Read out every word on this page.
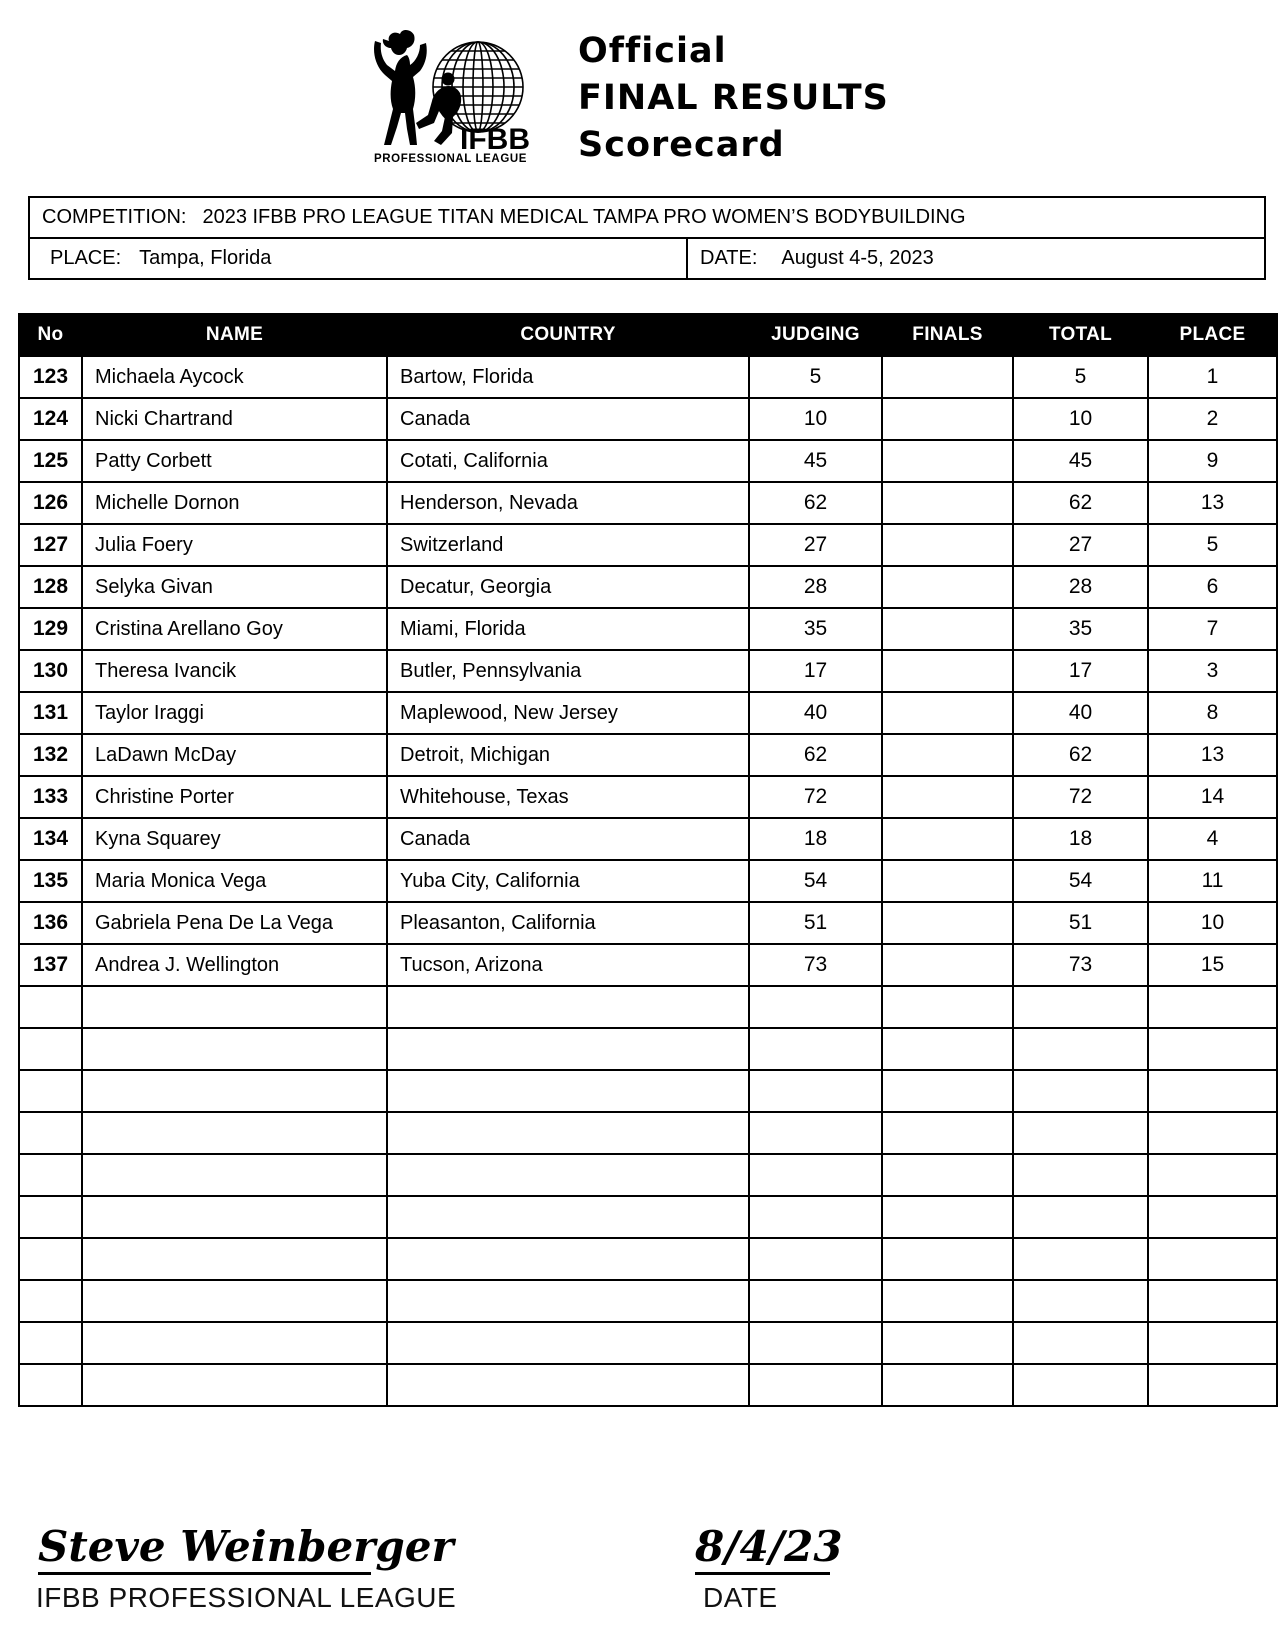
IFBB
PROFESSIONAL LEAGUE
Official
FINAL RESULTS
Scorecard
COMPETITION: 2023 IFBB PRO LEAGUE TITAN MEDICAL TAMPA PRO WOMEN’S BODYBUILDING
PLACE: Tampa, Florida	DATE: August 4-5, 2023
No	NAME	COUNTRY	JUDGING	FINALS	TOTAL	PLACE
123	Michaela Aycock	Bartow, Florida	5		5	1
124	Nicki Chartrand	Canada	10		10	2
125	Patty Corbett	Cotati, California	45		45	9
126	Michelle Dornon	Henderson, Nevada	62		62	13
127	Julia Foery	Switzerland	27		27	5
128	Selyka Givan	Decatur, Georgia	28		28	6
129	Cristina Arellano Goy	Miami, Florida	35		35	7
130	Theresa Ivancik	Butler, Pennsylvania	17		17	3
131	Taylor Iraggi	Maplewood, New Jersey	40		40	8
132	LaDawn McDay	Detroit, Michigan	62		62	13
133	Christine Porter	Whitehouse, Texas	72		72	14
134	Kyna Squarey	Canada	18		18	4
135	Maria Monica Vega	Yuba City, California	54		54	11
136	Gabriela Pena De La Vega	Pleasanton, California	51		51	10
137	Andrea J. Wellington	Tucson, Arizona	73		73	15

Steve Weinberger	8/4/23
IFBB PROFESSIONAL LEAGUE	DATE
